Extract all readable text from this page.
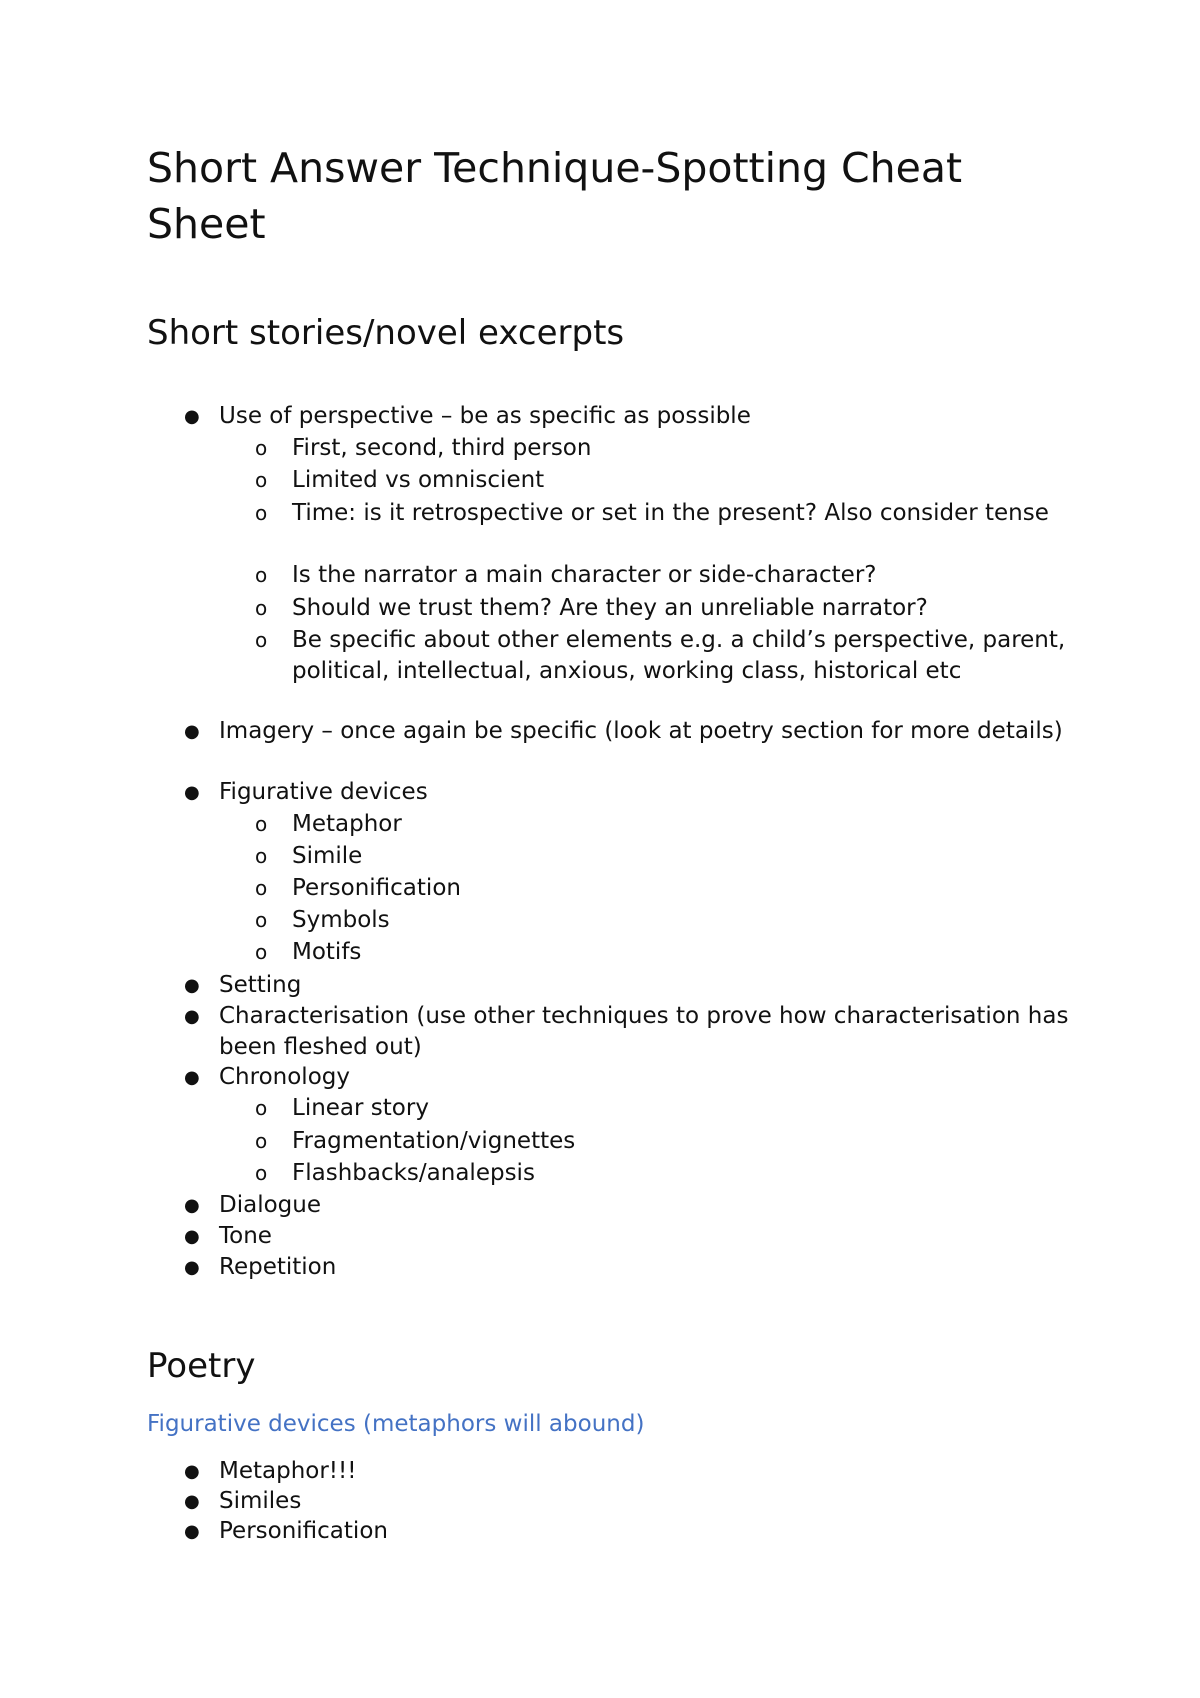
Short Answer Technique-Spotting Cheat Sheet
Short stories/novel excerpts
● Use of perspective – be as specific as possible
o First, second, third person
o Limited vs omniscient
o Time: is it retrospective or set in the present? Also consider tense
o Is the narrator a main character or side-character?
o Should we trust them? Are they an unreliable narrator?
o Be specific about other elements e.g. a child’s perspective, parent, political, intellectual, anxious, working class, historical etc
● Imagery – once again be specific (look at poetry section for more details)
● Figurative devices
o Metaphor
o Simile
o Personification
o Symbols
o Motifs
● Setting
● Characterisation (use other techniques to prove how characterisation has been fleshed out)
● Chronology
o Linear story
o Fragmentation/vignettes
o Flashbacks/analepsis
● Dialogue
● Tone
● Repetition
Poetry
Figurative devices (metaphors will abound)
● Metaphor!!!
● Similes
● Personification
